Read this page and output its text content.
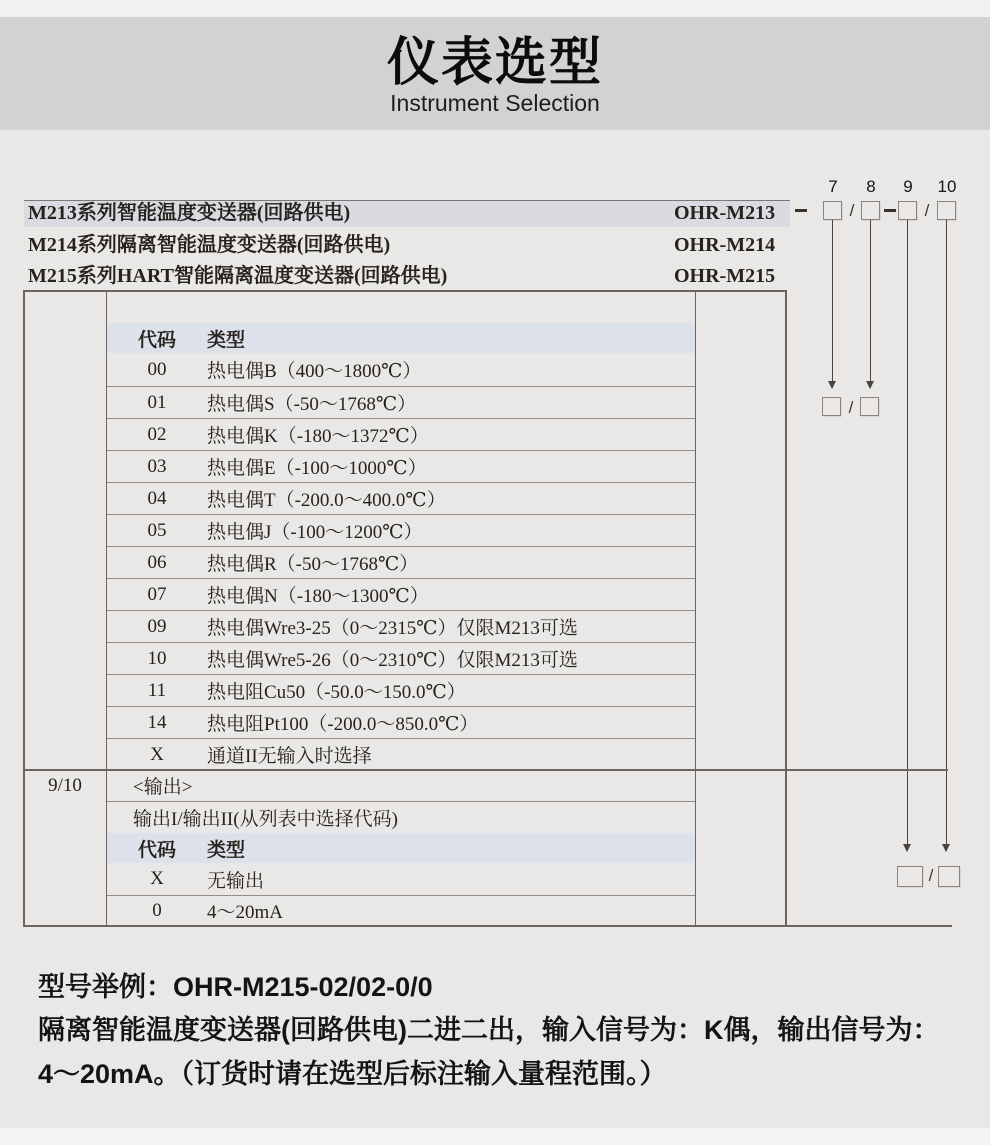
仪表选型
Instrument Selection
M213系列智能温度变送器(回路供电)	OHR-M213
M214系列隔离智能温度变送器(回路供电)	OHR-M214
M215系列HART智能隔离温度变送器(回路供电)	OHR-M215
7	8	9	10
/	/
/
/
代码	类型
00	热电偶B（400～1800℃）
01	热电偶S（-50～1768℃）
02	热电偶K（-180～1372℃）
03	热电偶E（-100～1000℃）
04	热电偶T（-200.0～400.0℃）
05	热电偶J（-100～1200℃）
06	热电偶R（-50～1768℃）
07	热电偶N（-180～1300℃）
09	热电偶Wre3-25（0～2315℃）仅限M213可选
10	热电偶Wre5-26（0～2310℃）仅限M213可选
11	热电阻Cu50（-50.0～150.0℃）
14	热电阻Pt100（-200.0～850.0℃）
X	通道II无输入时选择
9/10	<输出>
输出I/输出II(从列表中选择代码)
代码	类型
X	无输出
0	4～20mA
型号举例：OHR-M215-02/02-0/0
隔离智能温度变送器(回路供电)二进二出，输入信号为：K偶，输出信号为：
4～20mA。（订货时请在选型后标注输入量程范围。）
